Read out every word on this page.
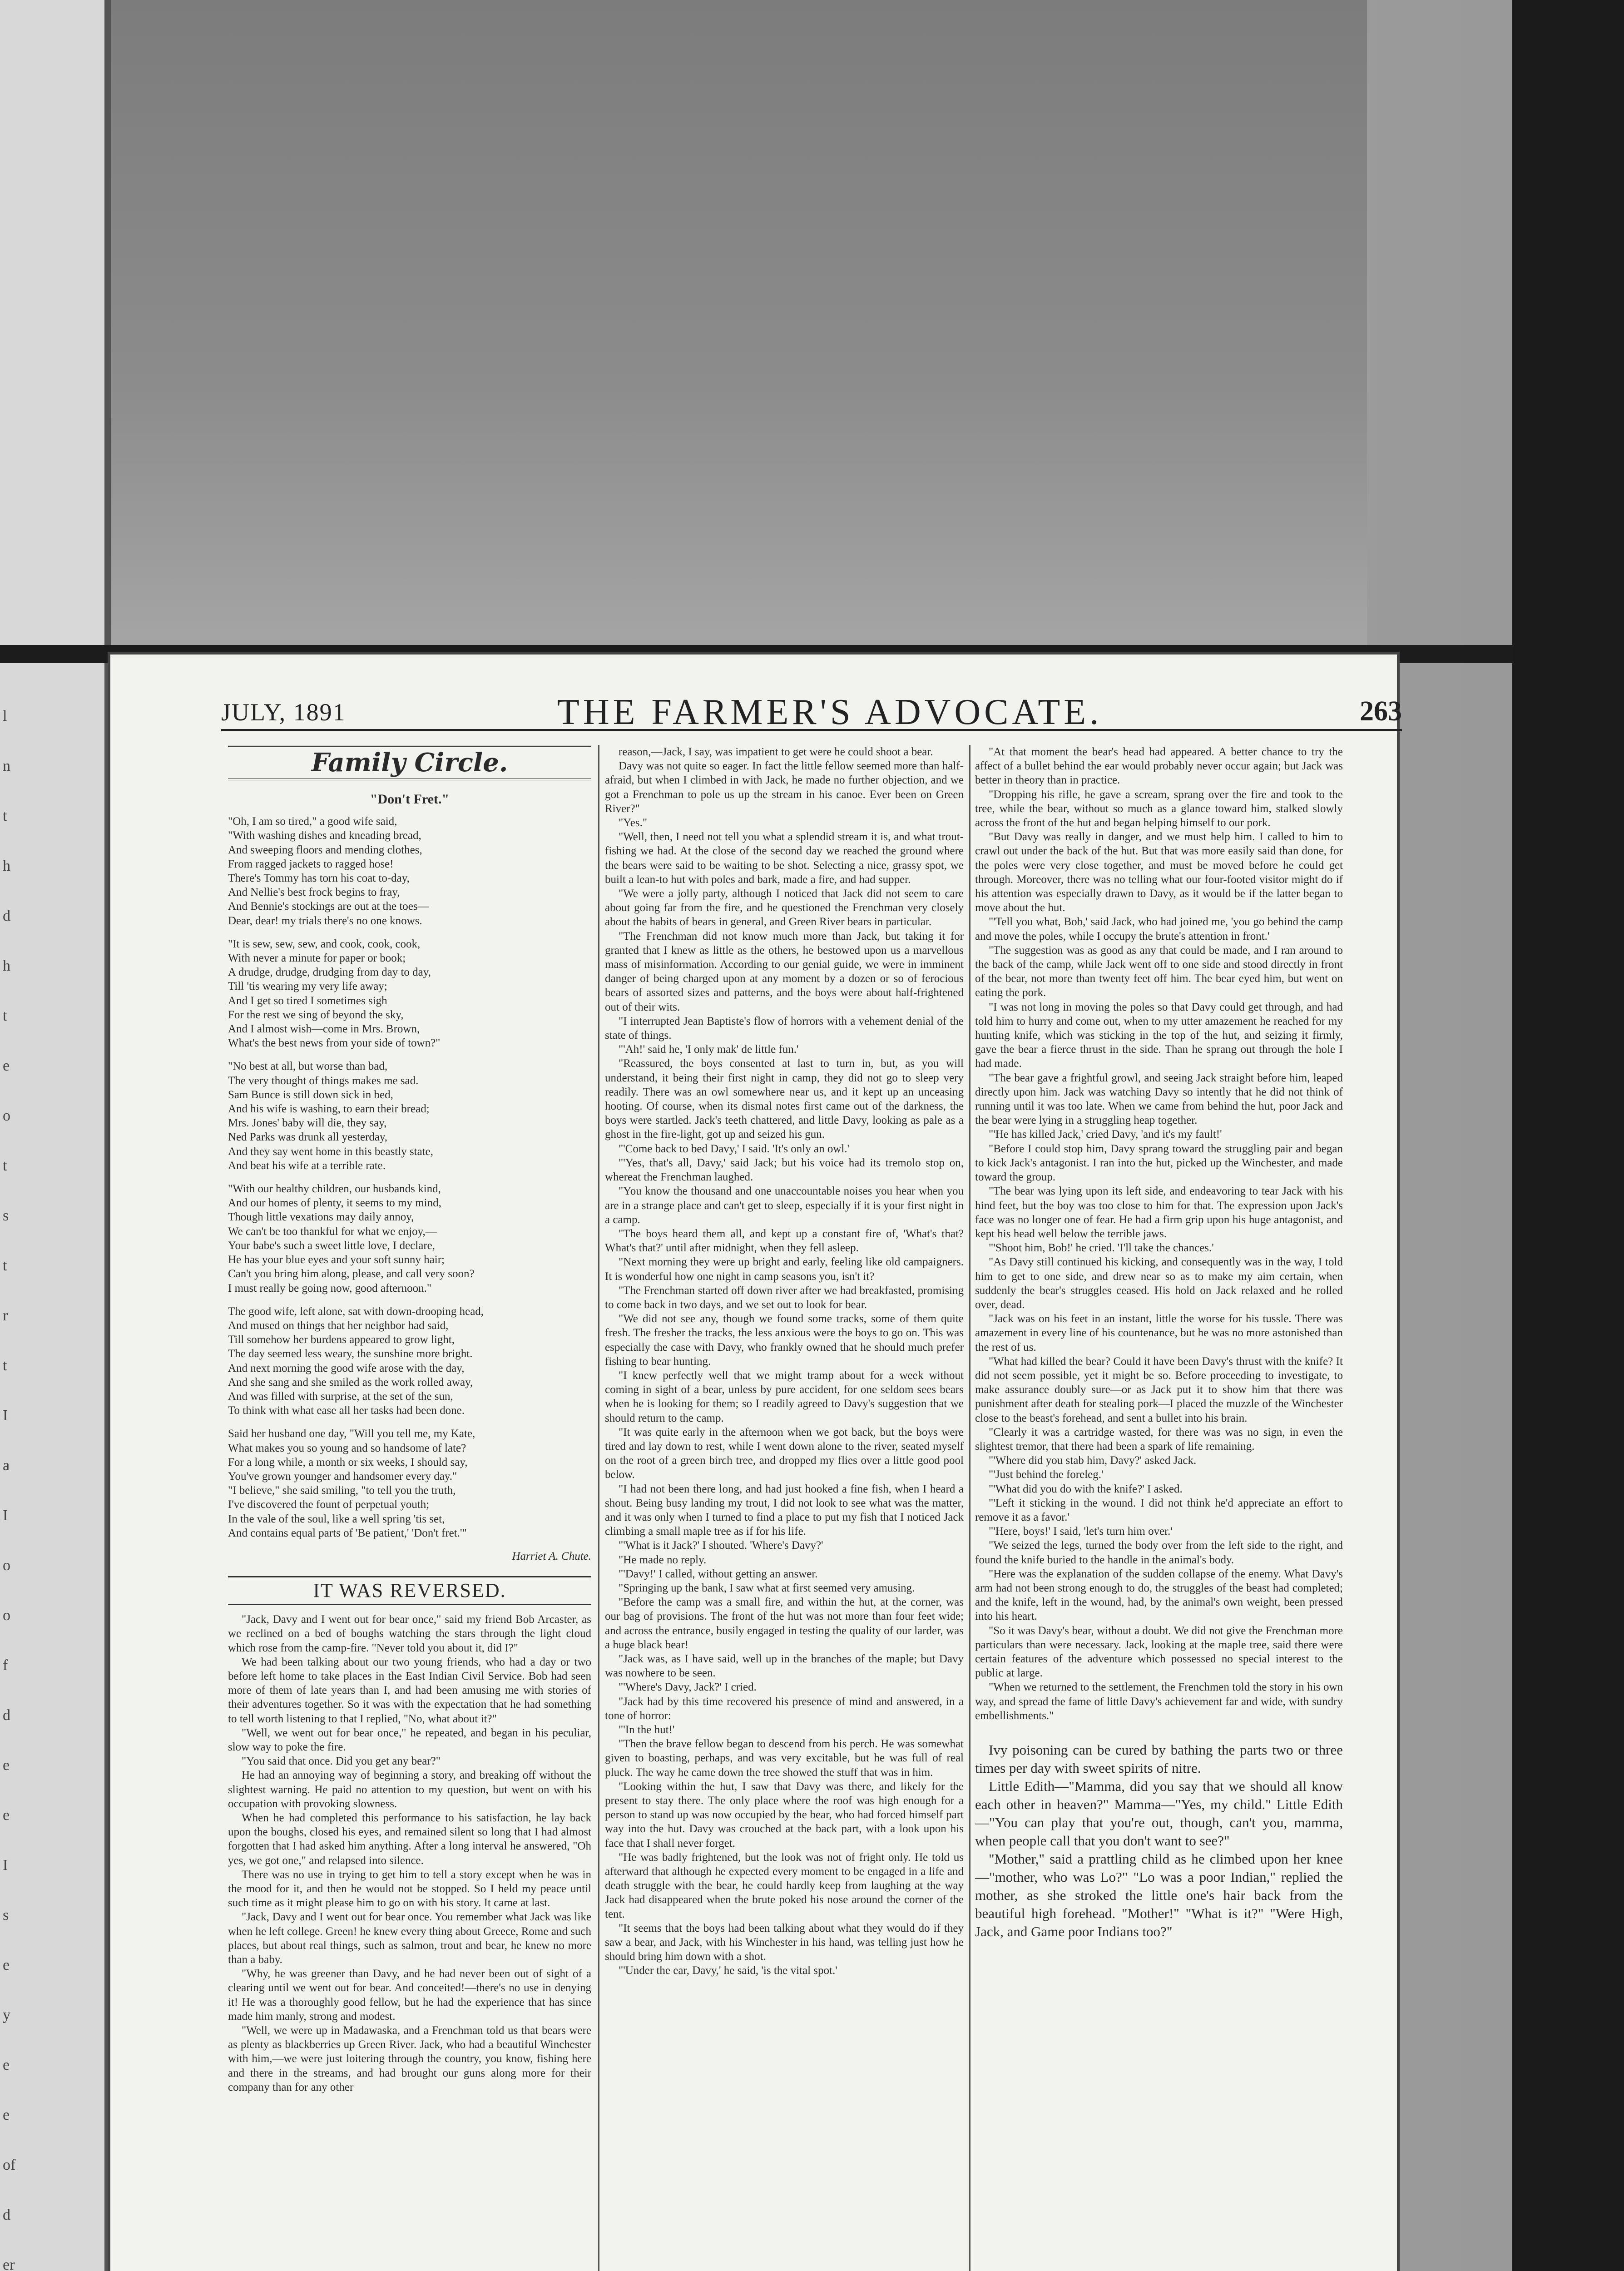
l
n
t
h
d
h
t
e
o
t
s
t
r
t
I
a
I
o
o
f
d
e
e
I
s
e
y
e
e
of
d
er
JULY, 1891	THE FARMER'S ADVOCATE.	263
Family Circle.
"Don't Fret."

"Oh, I am so tired," a good wife said,
"With washing dishes and kneading bread,
And sweeping floors and mending clothes,
From ragged jackets to ragged hose!
There's Tommy has torn his coat to-day,
And Nellie's best frock begins to fray,
And Bennie's stockings are out at the toes—
Dear, dear! my trials there's no one knows.

"It is sew, sew, sew, and cook, cook, cook,
With never a minute for paper or book;
A drudge, drudge, drudging from day to day,
Till 'tis wearing my very life away;
And I get so tired I sometimes sigh
For the rest we sing of beyond the sky,
And I almost wish—come in Mrs. Brown,
What's the best news from your side of town?"

"No best at all, but worse than bad,
The very thought of things makes me sad.
Sam Bunce is still down sick in bed,
And his wife is washing, to earn their bread;
Mrs. Jones' baby will die, they say,
Ned Parks was drunk all yesterday,
And they say went home in this beastly state,
And beat his wife at a terrible rate.

"With our healthy children, our husbands kind,
And our homes of plenty, it seems to my mind,
Though little vexations may daily annoy,
We can't be too thankful for what we enjoy,—
Your babe's such a sweet little love, I declare,
He has your blue eyes and your soft sunny hair;
Can't you bring him along, please, and call very soon?
I must really be going now, good afternoon."

The good wife, left alone, sat with down-drooping head,
And mused on things that her neighbor had said,
Till somehow her burdens appeared to grow light,
The day seemed less weary, the sunshine more bright.
And next morning the good wife arose with the day,
And she sang and she smiled as the work rolled away,
And was filled with surprise, at the set of the sun,
To think with what ease all her tasks had been done.

Said her husband one day, "Will you tell me, my Kate,
What makes you so young and so handsome of late?
For a long while, a month or six weeks, I should say,
You've grown younger and handsomer every day."
"I believe," she said smiling, "to tell you the truth,
I've discovered the fount of perpetual youth;
In the vale of the soul, like a well spring 'tis set,
And contains equal parts of 'Be patient,' 'Don't fret.'"

Harriet A. Chute.
IT WAS REVERSED.

"Jack, Davy and I went out for bear once," said my friend Bob Arcaster, as we reclined on a bed of boughs watching the stars through the light cloud which rose from the camp-fire. "Never told you about it, did I?"

We had been talking about our two young friends, who had a day or two before left home to take places in the East Indian Civil Service. Bob had seen more of them of late years than I, and had been amusing me with stories of their adventures together. So it was with the expectation that he had something to tell worth listening to that I replied, "No, what about it?"

"Well, we went out for bear once," he repeated, and began in his peculiar, slow way to poke the fire.

"You said that once. Did you get any bear?"

He had an annoying way of beginning a story, and breaking off without the slightest warning. He paid no attention to my question, but went on with his occupation with provoking slowness.

When he had completed this performance to his satisfaction, he lay back upon the boughs, closed his eyes, and remained silent so long that I had almost forgotten that I had asked him anything. After a long interval he answered, "Oh yes, we got one," and relapsed into silence.

There was no use in trying to get him to tell a story except when he was in the mood for it, and then he would not be stopped. So I held my peace until such time as it might please him to go on with his story. It came at last.

"Jack, Davy and I went out for bear once. You remember what Jack was like when he left college. Green! he knew every thing about Greece, Rome and such places, but about real things, such as salmon, trout and bear, he knew no more than a baby.

"Why, he was greener than Davy, and he had never been out of sight of a clearing until we went out for bear. And conceited!—there's no use in denying it! He was a thoroughly good fellow, but he had the experience that has since made him manly, strong and modest.

"Well, we were up in Madawaska, and a Frenchman told us that bears were as plenty as blackberries up Green River. Jack, who had a beautiful Winchester with him,—we were just loitering through the country, you know, fishing here and there in the streams, and had brought our guns along more for their company than for any other

reason,—Jack, I say, was impatient to get were he could shoot a bear.

Davy was not quite so eager. In fact the little fellow seemed more than half-afraid, but when I climbed in with Jack, he made no further objection, and we got a Frenchman to pole us up the stream in his canoe. Ever been on Green River?"

"Yes."

"Well, then, I need not tell you what a splendid stream it is, and what trout-fishing we had. At the close of the second day we reached the ground where the bears were said to be waiting to be shot. Selecting a nice, grassy spot, we built a lean-to hut with poles and bark, made a fire, and had supper.

"We were a jolly party, although I noticed that Jack did not seem to care about going far from the fire, and he questioned the Frenchman very closely about the habits of bears in general, and Green River bears in particular.

"The Frenchman did not know much more than Jack, but taking it for granted that I knew as little as the others, he bestowed upon us a marvellous mass of misinformation. According to our genial guide, we were in imminent danger of being charged upon at any moment by a dozen or so of ferocious bears of assorted sizes and patterns, and the boys were about half-frightened out of their wits.

"I interrupted Jean Baptiste's flow of horrors with a vehement denial of the state of things.

"'Ah!' said he, 'I only mak' de little fun.'

"Reassured, the boys consented at last to turn in, but, as you will understand, it being their first night in camp, they did not go to sleep very readily. There was an owl somewhere near us, and it kept up an unceasing hooting. Of course, when its dismal notes first came out of the darkness, the boys were startled. Jack's teeth chattered, and little Davy, looking as pale as a ghost in the fire-light, got up and seized his gun.

"'Come back to bed Davy,' I said. 'It's only an owl.'

"'Yes, that's all, Davy,' said Jack; but his voice had its tremolo stop on, whereat the Frenchman laughed.

"You know the thousand and one unaccountable noises you hear when you are in a strange place and can't get to sleep, especially if it is your first night in a camp.

"The boys heard them all, and kept up a constant fire of, 'What's that? What's that?' until after midnight, when they fell asleep.

"Next morning they were up bright and early, feeling like old campaigners. It is wonderful how one night in camp seasons you, isn't it?

"The Frenchman started off down river after we had breakfasted, promising to come back in two days, and we set out to look for bear.

"We did not see any, though we found some tracks, some of them quite fresh. The fresher the tracks, the less anxious were the boys to go on. This was especially the case with Davy, who frankly owned that he should much prefer fishing to bear hunting.

"I knew perfectly well that we might tramp about for a week without coming in sight of a bear, unless by pure accident, for one seldom sees bears when he is looking for them; so I readily agreed to Davy's suggestion that we should return to the camp.

"It was quite early in the afternoon when we got back, but the boys were tired and lay down to rest, while I went down alone to the river, seated myself on the root of a green birch tree, and dropped my flies over a little good pool below.

"I had not been there long, and had just hooked a fine fish, when I heard a shout. Being busy landing my trout, I did not look to see what was the matter, and it was only when I turned to find a place to put my fish that I noticed Jack climbing a small maple tree as if for his life.

"'What is it Jack?' I shouted. 'Where's Davy?'

"He made no reply.

"'Davy!' I called, without getting an answer.

"Springing up the bank, I saw what at first seemed very amusing.

"Before the camp was a small fire, and within the hut, at the corner, was our bag of provisions. The front of the hut was not more than four feet wide; and across the entrance, busily engaged in testing the quality of our larder, was a huge black bear!

"Jack was, as I have said, well up in the branches of the maple; but Davy was nowhere to be seen.

"'Where's Davy, Jack?' I cried.

"Jack had by this time recovered his presence of mind and answered, in a tone of horror:

"'In the hut!'

"Then the brave fellow began to descend from his perch. He was somewhat given to boasting, perhaps, and was very excitable, but he was full of real pluck. The way he came down the tree showed the stuff that was in him.

"Looking within the hut, I saw that Davy was there, and likely for the present to stay there. The only place where the roof was high enough for a person to stand up was now occupied by the bear, who had forced himself part way into the hut. Davy was crouched at the back part, with a look upon his face that I shall never forget.

"He was badly frightened, but the look was not of fright only. He told us afterward that although he expected every moment to be engaged in a life and death struggle with the bear, he could hardly keep from laughing at the way Jack had disappeared when the brute poked his nose around the corner of the tent.

"It seems that the boys had been talking about what they would do if they saw a bear, and Jack, with his Winchester in his hand, was telling just how he should bring him down with a shot.

"'Under the ear, Davy,' he said, 'is the vital spot.'

"At that moment the bear's head had appeared. A better chance to try the affect of a bullet behind the ear would probably never occur again; but Jack was better in theory than in practice.

"Dropping his rifle, he gave a scream, sprang over the fire and took to the tree, while the bear, without so much as a glance toward him, stalked slowly across the front of the hut and began helping himself to our pork.

"But Davy was really in danger, and we must help him. I called to him to crawl out under the back of the hut. But that was more easily said than done, for the poles were very close together, and must be moved before he could get through. Moreover, there was no telling what our four-footed visitor might do if his attention was especially drawn to Davy, as it would be if the latter began to move about the hut.

"'Tell you what, Bob,' said Jack, who had joined me, 'you go behind the camp and move the poles, while I occupy the brute's attention in front.'

"The suggestion was as good as any that could be made, and I ran around to the back of the camp, while Jack went off to one side and stood directly in front of the bear, not more than twenty feet off him. The bear eyed him, but went on eating the pork.

"I was not long in moving the poles so that Davy could get through, and had told him to hurry and come out, when to my utter amazement he reached for my hunting knife, which was sticking in the top of the hut, and seizing it firmly, gave the bear a fierce thrust in the side. Than he sprang out through the hole I had made.

"The bear gave a frightful growl, and seeing Jack straight before him, leaped directly upon him. Jack was watching Davy so intently that he did not think of running until it was too late. When we came from behind the hut, poor Jack and the bear were lying in a struggling heap together.

"'He has killed Jack,' cried Davy, 'and it's my fault!'

"Before I could stop him, Davy sprang toward the struggling pair and began to kick Jack's antagonist. I ran into the hut, picked up the Winchester, and made toward the group.

"The bear was lying upon its left side, and endeavoring to tear Jack with his hind feet, but the boy was too close to him for that. The expression upon Jack's face was no longer one of fear. He had a firm grip upon his huge antagonist, and kept his head well below the terrible jaws.

"'Shoot him, Bob!' he cried. 'I'll take the chances.'

"As Davy still continued his kicking, and consequently was in the way, I told him to get to one side, and drew near so as to make my aim certain, when suddenly the bear's struggles ceased. His hold on Jack relaxed and he rolled over, dead.

"Jack was on his feet in an instant, little the worse for his tussle. There was amazement in every line of his countenance, but he was no more astonished than the rest of us.

"What had killed the bear? Could it have been Davy's thrust with the knife? It did not seem possible, yet it might be so. Before proceeding to investigate, to make assurance doubly sure—or as Jack put it to show him that there was punishment after death for stealing pork—I placed the muzzle of the Winchester close to the beast's forehead, and sent a bullet into his brain.

"Clearly it was a cartridge wasted, for there was was no sign, in even the slightest tremor, that there had been a spark of life remaining.

"'Where did you stab him, Davy?' asked Jack.

"'Just behind the foreleg.'

"'What did you do with the knife?' I asked.

"'Left it sticking in the wound. I did not think he'd appreciate an effort to remove it as a favor.'

"'Here, boys!' I said, 'let's turn him over.'

"We seized the legs, turned the body over from the left side to the right, and found the knife buried to the handle in the animal's body.

"Here was the explanation of the sudden collapse of the enemy. What Davy's arm had not been strong enough to do, the struggles of the beast had completed; and the knife, left in the wound, had, by the animal's own weight, been pressed into his heart.

"So it was Davy's bear, without a doubt. We did not give the Frenchman more particulars than were necessary. Jack, looking at the maple tree, said there were certain features of the adventure which possessed no special interest to the public at large.

"When we returned to the settlement, the Frenchmen told the story in his own way, and spread the fame of little Davy's achievement far and wide, with sundry embellishments."

Ivy poisoning can be cured by bathing the parts two or three times per day with sweet spirits of nitre.

Little Edith—"Mamma, did you say that we should all know each other in heaven?" Mamma—"Yes, my child." Little Edith—"You can play that you're out, though, can't you, mamma, when people call that you don't want to see?"

"Mother," said a prattling child as he climbed upon her knee—"mother, who was Lo?" "Lo was a poor Indian," replied the mother, as she stroked the little one's hair back from the beautiful high forehead. "Mother!" "What is it?" "Were High, Jack, and Game poor Indians too?"
